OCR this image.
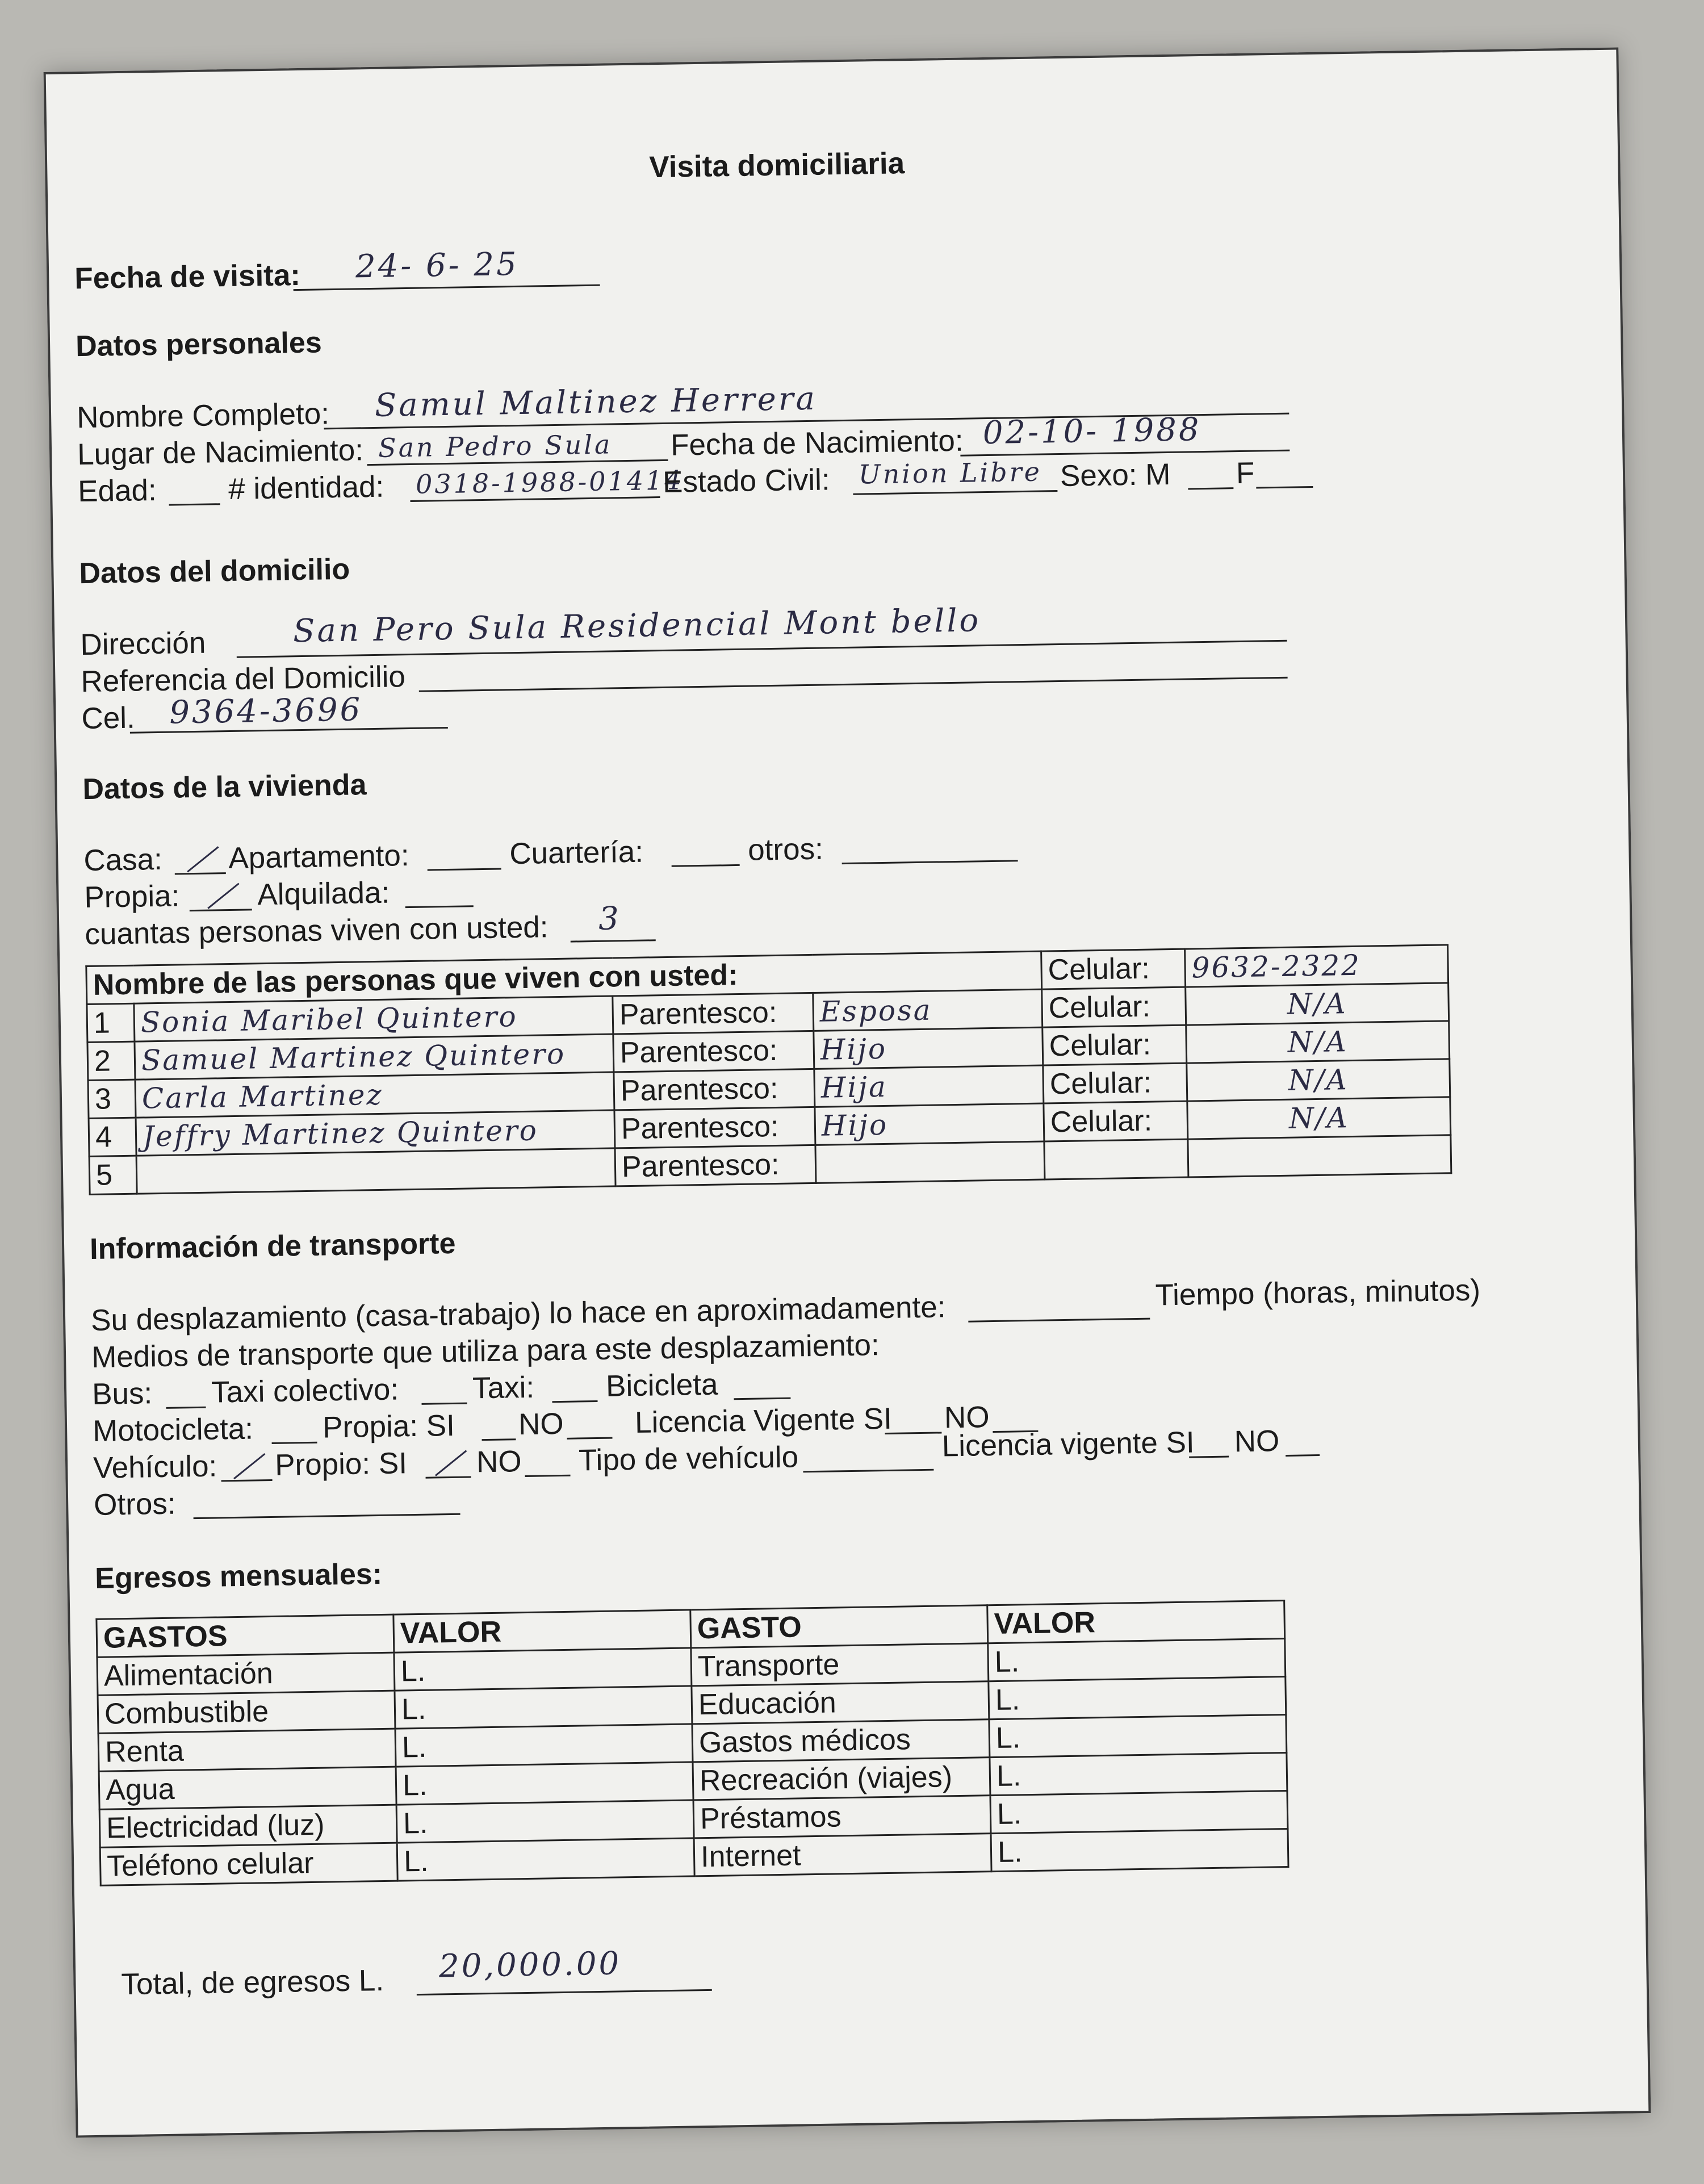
Visita domiciliaria
Fecha de visita: 24- 6- 25
Datos personales
Nombre Completo: Samul Maltinez Herrera
Lugar de Nacimiento: San Pedro Sula Fecha de Nacimiento: 02-10- 1988
Edad: # identidad: 0318-1988-01414
Estado Civil: Union Libre Sexo: M F
Datos del domicilio
Dirección	San Pero Sula Residencial Mont bello
Referencia del Domicilio
Cel. 9364-3696
Datos de la vivienda
Casa: Apartamento:	Cuartería:	otros:
Propia:	Alquilada:
cuantas personas viven con usted: 3
Nombre de las personas que viven con usted:				Celular:	9632-2322
1	Sonia Maribel Quintero	Parentesco:	Esposa	Celular:	N/A
2	Samuel Martinez Quintero	Parentesco:	Hijo	Celular:	N/A
3	Carla Martinez	Parentesco:	Hija	Celular:	N/A
4	Jeffry Martinez Quintero	Parentesco:	Hijo	Celular:	N/A
5		Parentesco:			
Información de transporte
Su desplazamiento (casa-trabajo) lo hace en aproximadamente:	Tiempo (horas, minutos)
Medios de transporte que utiliza para este desplazamiento:
Bus: Taxi colectivo: Taxi: Bicicleta
Motocicleta: Propia: SI NO Licencia Vigente SI NO
Vehículo: Propio: SI NO Tipo de vehículo	Licencia vigente SI NO
Otros:
Egresos mensuales:
GASTOS	VALOR	GASTO	VALOR
Alimentación	L.	Transporte	L.
Combustible	L.	Educación	L.
Renta	L.	Gastos médicos	L.
Agua	L.	Recreación (viajes)	L.
Electricidad (luz)	L.	Préstamos	L.
Teléfono celular	L.	Internet	L.
Total, de egresos L. 20,000.00
